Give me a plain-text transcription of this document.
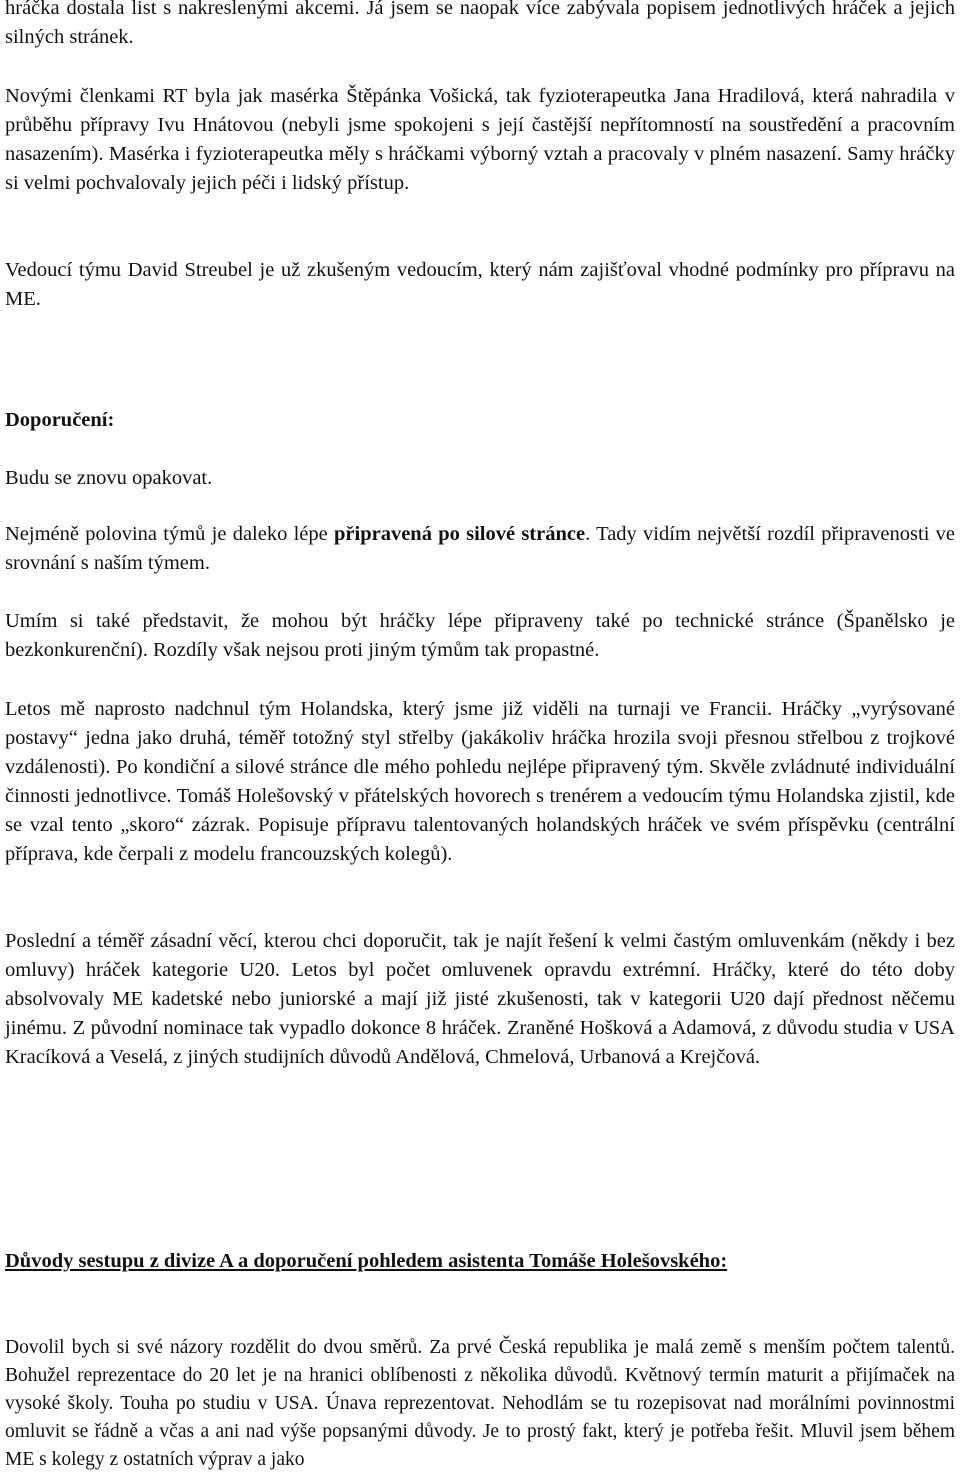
hráčka dostala list s nakreslenými akcemi. Já jsem se naopak více zabývala popisem jednotlivých hráček a jejich silných stránek.

Novými členkami RT byla jak masérka Štěpánka Vošická, tak fyzioterapeutka Jana Hradilová, která nahradila v průběhu přípravy Ivu Hnátovou (nebyli jsme spokojeni s její častější nepřítomností na soustředění a pracovním nasazením). Masérka i fyzioterapeutka měly s hráčkami výborný vztah a pracovaly v plném nasazení. Samy hráčky si velmi pochvalovaly jejich péči i lidský přístup.

Vedoucí týmu David Streubel je už zkušeným vedoucím, který nám zajišťoval vhodné podmínky pro přípravu na ME.

Doporučení:

Budu se znovu opakovat.

Nejméně polovina týmů je daleko lépe připravená po silové stránce. Tady vidím největší rozdíl připravenosti ve srovnání s naším týmem.

Umím si také představit, že mohou být hráčky lépe připraveny také po technické stránce (Španělsko je bezkonkurenční). Rozdíly však nejsou proti jiným týmům tak propastné.

Letos mě naprosto nadchnul tým Holandska, který jsme již viděli na turnaji ve Francii. Hráčky „vyrýsované postavy“ jedna jako druhá, téměř totožný styl střelby (jakákoliv hráčka hrozila svoji přesnou střelbou z trojkové vzdálenosti). Po kondiční a silové stránce dle mého pohledu nejlépe připravený tým. Skvěle zvládnuté individuální činnosti jednotlivce. Tomáš Holešovský v přátelských hovorech s trenérem a vedoucím týmu Holandska zjistil, kde se vzal tento „skoro“ zázrak. Popisuje přípravu talentovaných holandských hráček ve svém příspěvku (centrální příprava, kde čerpali z modelu francouzských kolegů).

Poslední a téměř zásadní věcí, kterou chci doporučit, tak je najít řešení k velmi častým omluvenkám (někdy i bez omluvy) hráček kategorie U20. Letos byl počet omluvenek opravdu extrémní. Hráčky, které do této doby absolvovaly ME kadetské nebo juniorské a mají již jisté zkušenosti, tak v kategorii U20 dají přednost něčemu jinému. Z původní nominace tak vypadlo dokonce 8 hráček. Zraněné Hošková a Adamová, z důvodu studia v USA Kracíková a Veselá, z jiných studijních důvodů Andělová, Chmelová, Urbanová a Krejčová.

Důvody sestupu z divize A a doporučení pohledem asistenta Tomáše Holešovského:

Dovolil bych si své názory rozdělit do dvou směrů. Za prvé Česká republika je malá země s menším počtem talentů. Bohužel reprezentace do 20 let je na hranici oblíbenosti z několika důvodů. Květnový termín maturit a přijímaček na vysoké školy. Touha po studiu v USA. Únava reprezentovat. Nehodlám se tu rozepisovat nad morálními povinnostmi omluvit se řádně a včas a ani nad výše popsanými důvody. Je to prostý fakt, který je potřeba řešit. Mluvil jsem během ME s kolegy z ostatních výprav a jako
